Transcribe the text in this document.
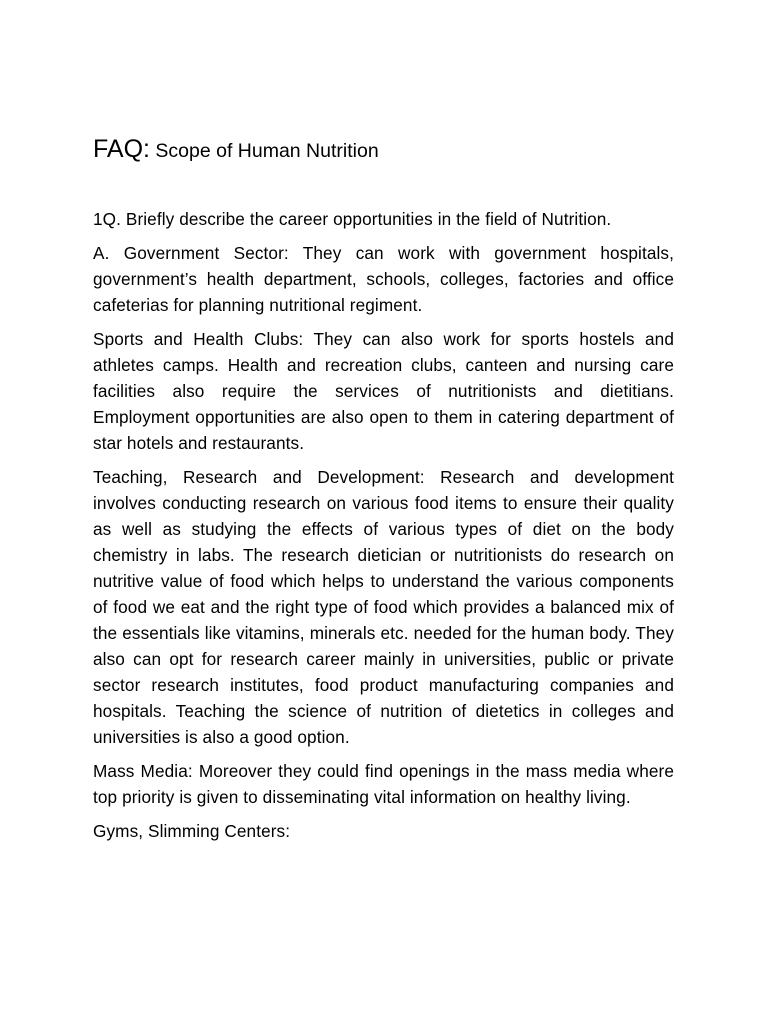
FAQ: Scope of Human Nutrition

1Q. Briefly describe the career opportunities in the field of Nutrition.

A. Government Sector: They can work with government hospitals, government’s health department, schools, colleges, factories and office cafeterias for planning nutritional regiment.

Sports and Health Clubs: They can also work for sports hostels and athletes camps. Health and recreation clubs, canteen and nursing care facilities also require the services of nutritionists and dietitians. Employment opportunities are also open to them in catering department of star hotels and restaurants.

Teaching, Research and Development: Research and development involves conducting research on various food items to ensure their quality as well as studying the effects of various types of diet on the body chemistry in labs. The research dietician or nutritionists do research on nutritive value of food which helps to understand the various components of food we eat and the right type of food which provides a balanced mix of the essentials like vitamins, minerals etc. needed for the human body. They also can opt for research career mainly in universities, public or private sector research institutes, food product manufacturing companies and hospitals. Teaching the science of nutrition of dietetics in colleges and universities is also a good option.

Mass Media: Moreover they could find openings in the mass media where top priority is given to disseminating vital information on healthy living.

Gyms, Slimming Centers:
